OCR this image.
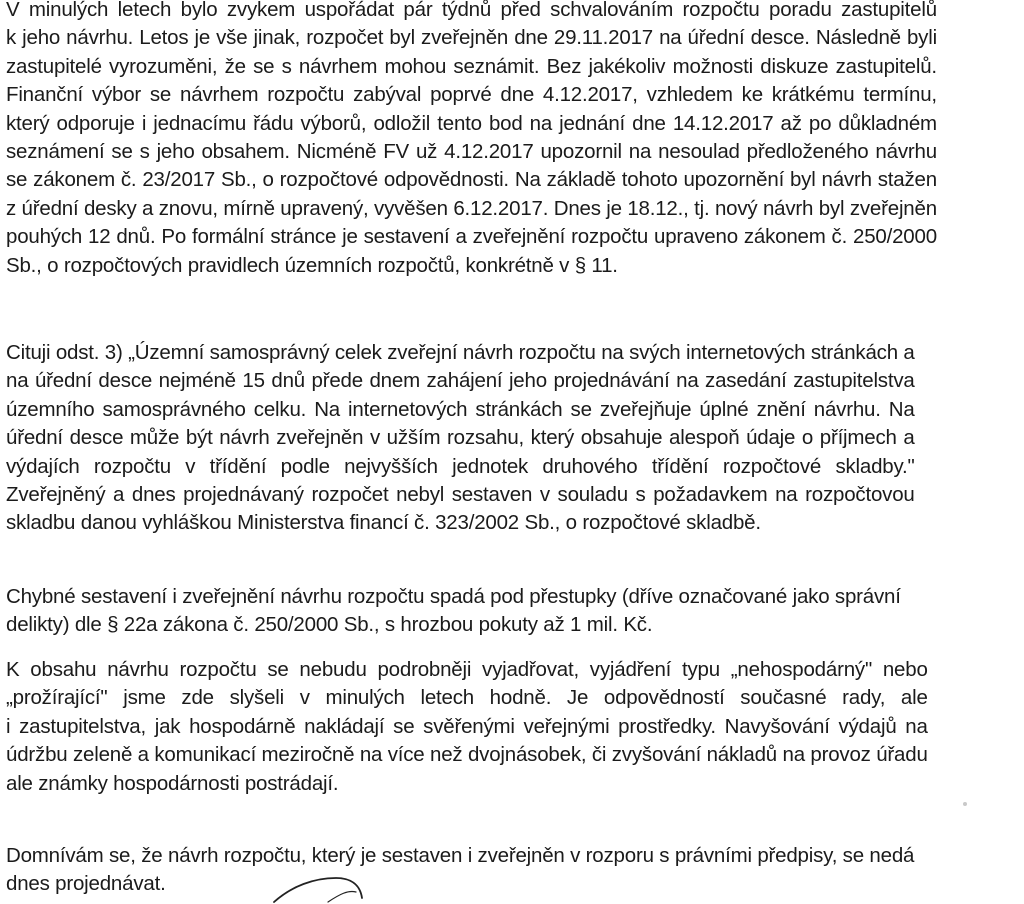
V minulých letech bylo zvykem uspořádat pár týdnů před schvalováním rozpočtu poradu zastupitelů
k jeho návrhu. Letos je vše jinak, rozpočet byl zveřejněn dne 29.11.2017 na úřední desce. Následně byli
zastupitelé vyrozuměni, že se s návrhem mohou seznámit. Bez jakékoliv možnosti diskuze zastupitelů.
Finanční výbor se návrhem rozpočtu zabýval poprvé dne 4.12.2017, vzhledem ke krátkému termínu,
který odporuje i jednacímu řádu výborů, odložil tento bod na jednání dne 14.12.2017 až po důkladném
seznámení se s jeho obsahem. Nicméně FV už 4.12.2017 upozornil na nesoulad předloženého návrhu
se zákonem č. 23/2017 Sb., o rozpočtové odpovědnosti. Na základě tohoto upozornění byl návrh stažen
z úřední desky a znovu, mírně upravený, vyvěšen 6.12.2017. Dnes je 18.12., tj. nový návrh byl zveřejněn
pouhých 12 dnů. Po formální stránce je sestavení a zveřejnění rozpočtu upraveno zákonem č. 250/2000
Sb., o rozpočtových pravidlech územních rozpočtů, konkrétně v § 11.
Cituji odst. 3) „Územní samosprávný celek zveřejní návrh rozpočtu na svých internetových stránkách a
na úřední desce nejméně 15 dnů přede dnem zahájení jeho projednávání na zasedání zastupitelstva
územního samosprávného celku. Na internetových stránkách se zveřejňuje úplné znění návrhu. Na
úřední desce může být návrh zveřejněn v užším rozsahu, který obsahuje alespoň údaje o příjmech a
výdajích rozpočtu v třídění podle nejvyšších jednotek druhového třídění rozpočtové skladby."
Zveřejněný a dnes projednávaný rozpočet nebyl sestaven v souladu s požadavkem na rozpočtovou
skladbu danou vyhláškou Ministerstva financí č. 323/2002 Sb., o rozpočtové skladbě.
Chybné sestavení i zveřejnění návrhu rozpočtu spadá pod přestupky (dříve označované jako správní
delikty) dle § 22a zákona č. 250/2000 Sb., s hrozbou pokuty až 1 mil. Kč.
K obsahu návrhu rozpočtu se nebudu podrobněji vyjadřovat, vyjádření typu „nehospodárný" nebo
„prožírající" jsme zde slyšeli v minulých letech hodně. Je odpovědností současné rady, ale
i zastupitelstva, jak hospodárně nakládají se svěřenými veřejnými prostředky. Navyšování výdajů na
údržbu zeleně a komunikací meziročně na více než dvojnásobek, či zvyšování nákladů na provoz úřadu
ale známky hospodárnosti postrádají.
Domnívám se, že návrh rozpočtu, který je sestaven i zveřejněn v rozporu s právními předpisy, se nedá
dnes projednávat.
